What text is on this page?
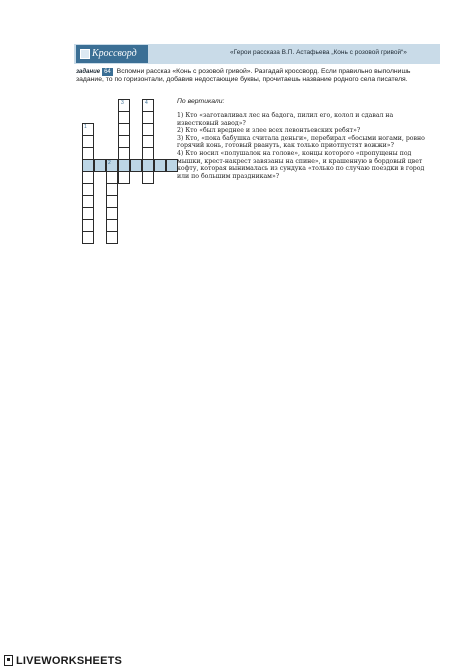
Кроссворд	«Герои рассказа В.П. Астафьева „Конь с розовой гривой“»
задание 64 Вспомни рассказ «Конь с розовой гривой». Разгадай кроссворд. Если правильно выполнишь задание, то по горизонтали, добавив недостающие буквы, прочитаешь название родного села писателя.
1
2
3	4	По вертикали:

1) Кто «заготавливал лес на бадога, пилил его, колол и сдавал на известковый завод»?

2) Кто «был вреднее и злее всех левонтьевских ребят»?

3) Кто, «пока бабушка считала деньги», перебирал «босыми ногами, ровно горячий конь, готовый рвануть, как только приотпустят вожжи»?

4) Кто носил «полушалок на голове», концы которого «пропущены под мышки, крест-накрест завязаны на спине», и крашенную в бордовый цвет кофту, которая вынималась из сундука «только по случаю поездки в город или по большим праздникам»?

LIVEWORKSHEETS
